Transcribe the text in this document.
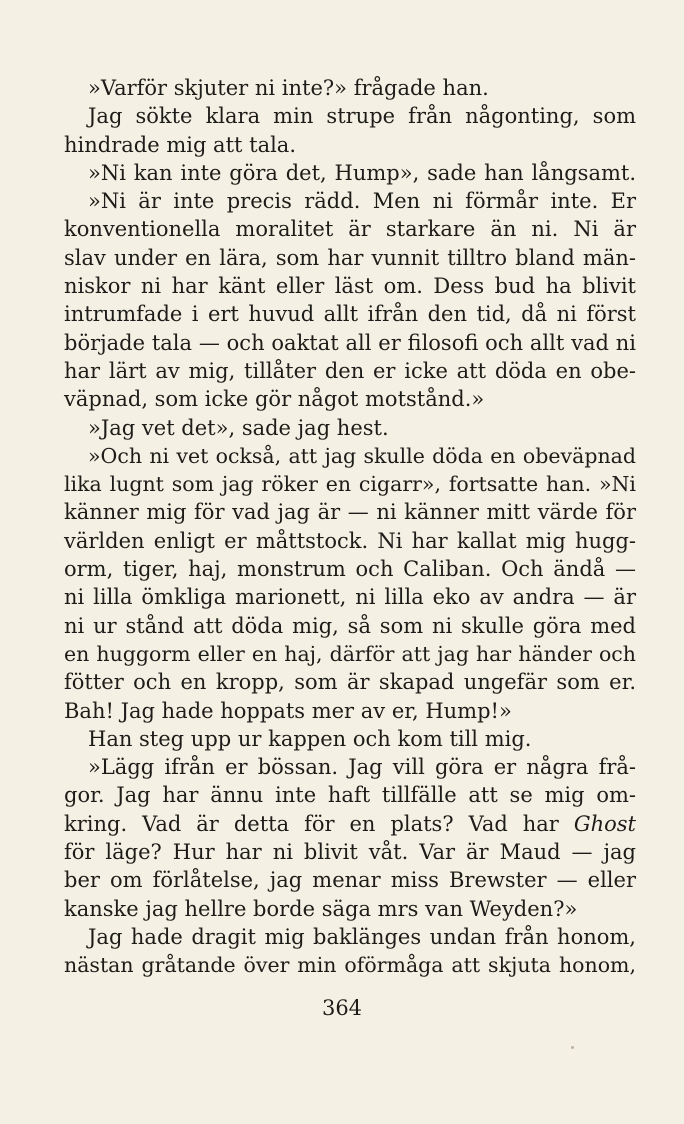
»Varför skjuter ni inte?» frågade han.
Jag sökte klara min strupe från någonting, som
hindrade mig att tala.
»Ni kan inte göra det, Hump», sade han långsamt.
»Ni är inte precis rädd. Men ni förmår inte. Er
konventionella moralitet är starkare än ni. Ni är
slav under en lära, som har vunnit tilltro bland män-
niskor ni har känt eller läst om. Dess bud ha blivit
intrumfade i ert huvud allt ifrån den tid, då ni först
började tala — och oaktat all er filosofi och allt vad ni
har lärt av mig, tillåter den er icke att döda en obe-
väpnad, som icke gör något motstånd.»
»Jag vet det», sade jag hest.
»Och ni vet också, att jag skulle döda en obeväpnad
lika lugnt som jag röker en cigarr», fortsatte han. »Ni
känner mig för vad jag är — ni känner mitt värde för
världen enligt er måttstock. Ni har kallat mig hugg-
orm, tiger, haj, monstrum och Caliban. Och ändå —
ni lilla ömkliga marionett, ni lilla eko av andra — är
ni ur stånd att döda mig, så som ni skulle göra med
en huggorm eller en haj, därför att jag har händer och
fötter och en kropp, som är skapad ungefär som er.
Bah! Jag hade hoppats mer av er, Hump!»
Han steg upp ur kappen och kom till mig.
»Lägg ifrån er bössan. Jag vill göra er några frå-
gor. Jag har ännu inte haft tillfälle att se mig om-
kring. Vad är detta för en plats? Vad har Ghost
för läge? Hur har ni blivit våt. Var är Maud — jag
ber om förlåtelse, jag menar miss Brewster — eller
kanske jag hellre borde säga mrs van Weyden?»
Jag hade dragit mig baklänges undan från honom,
nästan gråtande över min oförmåga att skjuta honom,
364
